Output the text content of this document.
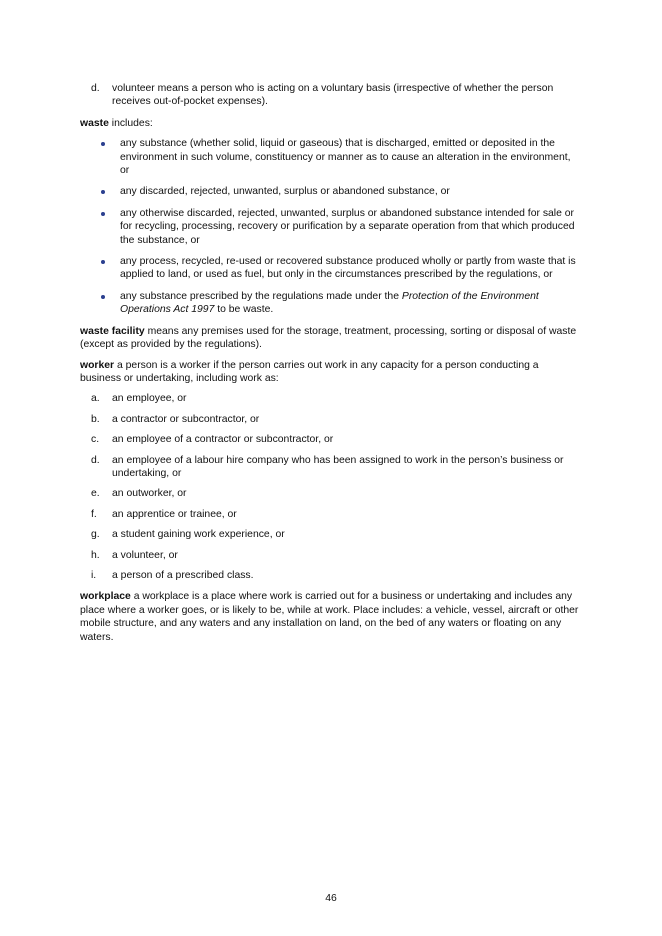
d. volunteer means a person who is acting on a voluntary basis (irrespective of whether the person receives out-of-pocket expenses).

waste includes:

any substance (whether solid, liquid or gaseous) that is discharged, emitted or deposited in the environment in such volume, constituency or manner as to cause an alteration in the environment, or
any discarded, rejected, unwanted, surplus or abandoned substance, or
any otherwise discarded, rejected, unwanted, surplus or abandoned substance intended for sale or for recycling, processing, recovery or purification by a separate operation from that which produced the substance, or
any process, recycled, re-used or recovered substance produced wholly or partly from waste that is applied to land, or used as fuel, but only in the circumstances prescribed by the regulations, or
any substance prescribed by the regulations made under the Protection of the Environment Operations Act 1997 to be waste.

waste facility means any premises used for the storage, treatment, processing, sorting or disposal of waste (except as provided by the regulations).

worker a person is a worker if the person carries out work in any capacity for a person conducting a business or undertaking, including work as:

a. an employee, or
b. a contractor or subcontractor, or
c. an employee of a contractor or subcontractor, or
d. an employee of a labour hire company who has been assigned to work in the person’s business or undertaking, or
e. an outworker, or
f. an apprentice or trainee, or
g. a student gaining work experience, or
h. a volunteer, or
i. a person of a prescribed class.

workplace a workplace is a place where work is carried out for a business or undertaking and includes any place where a worker goes, or is likely to be, while at work. Place includes: a vehicle, vessel, aircraft or other mobile structure, and any waters and any installation on land, on the bed of any waters or floating on any waters.

46
